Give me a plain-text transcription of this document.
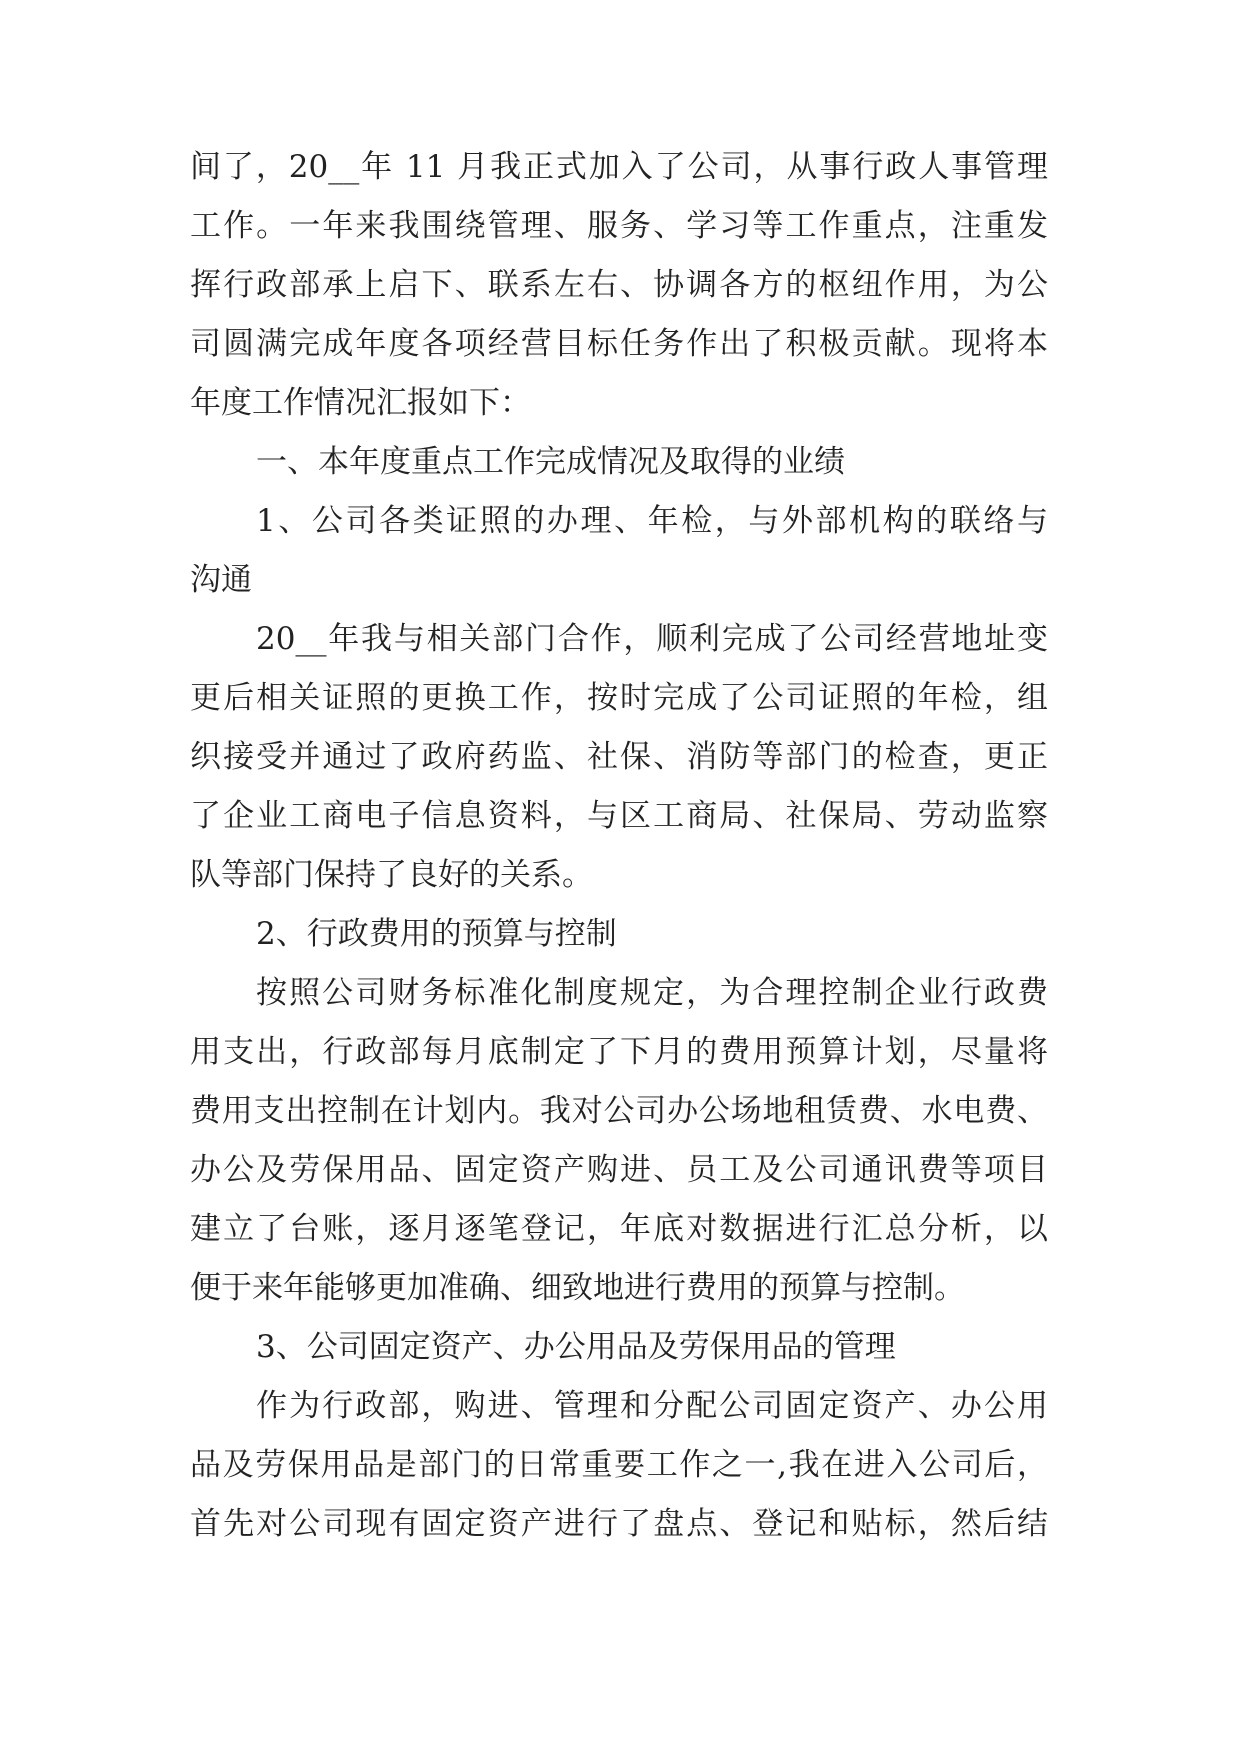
间了，20__年 11 月我正式加入了公司，从事行政人事管理
工作。一年来我围绕管理、服务、学习等工作重点，注重发
挥行政部承上启下、联系左右、协调各方的枢纽作用，为公
司圆满完成年度各项经营目标任务作出了积极贡献。现将本
年度工作情况汇报如下：
一、本年度重点工作完成情况及取得的业绩
1、公司各类证照的办理、年检，与外部机构的联络与
沟通
20__年我与相关部门合作，顺利完成了公司经营地址变
更后相关证照的更换工作，按时完成了公司证照的年检，组
织接受并通过了政府药监、社保、消防等部门的检查，更正
了企业工商电子信息资料，与区工商局、社保局、劳动监察
队等部门保持了良好的关系。
2、行政费用的预算与控制
按照公司财务标准化制度规定，为合理控制企业行政费
用支出，行政部每月底制定了下月的费用预算计划，尽量将
费用支出控制在计划内。我对公司办公场地租赁费、水电费、
办公及劳保用品、固定资产购进、员工及公司通讯费等项目
建立了台账，逐月逐笔登记，年底对数据进行汇总分析，以
便于来年能够更加准确、细致地进行费用的预算与控制。
3、公司固定资产、办公用品及劳保用品的管理
作为行政部，购进、管理和分配公司固定资产、办公用
品及劳保用品是部门的日常重要工作之一,我在进入公司后，
首先对公司现有固定资产进行了盘点、登记和贴标，然后结
